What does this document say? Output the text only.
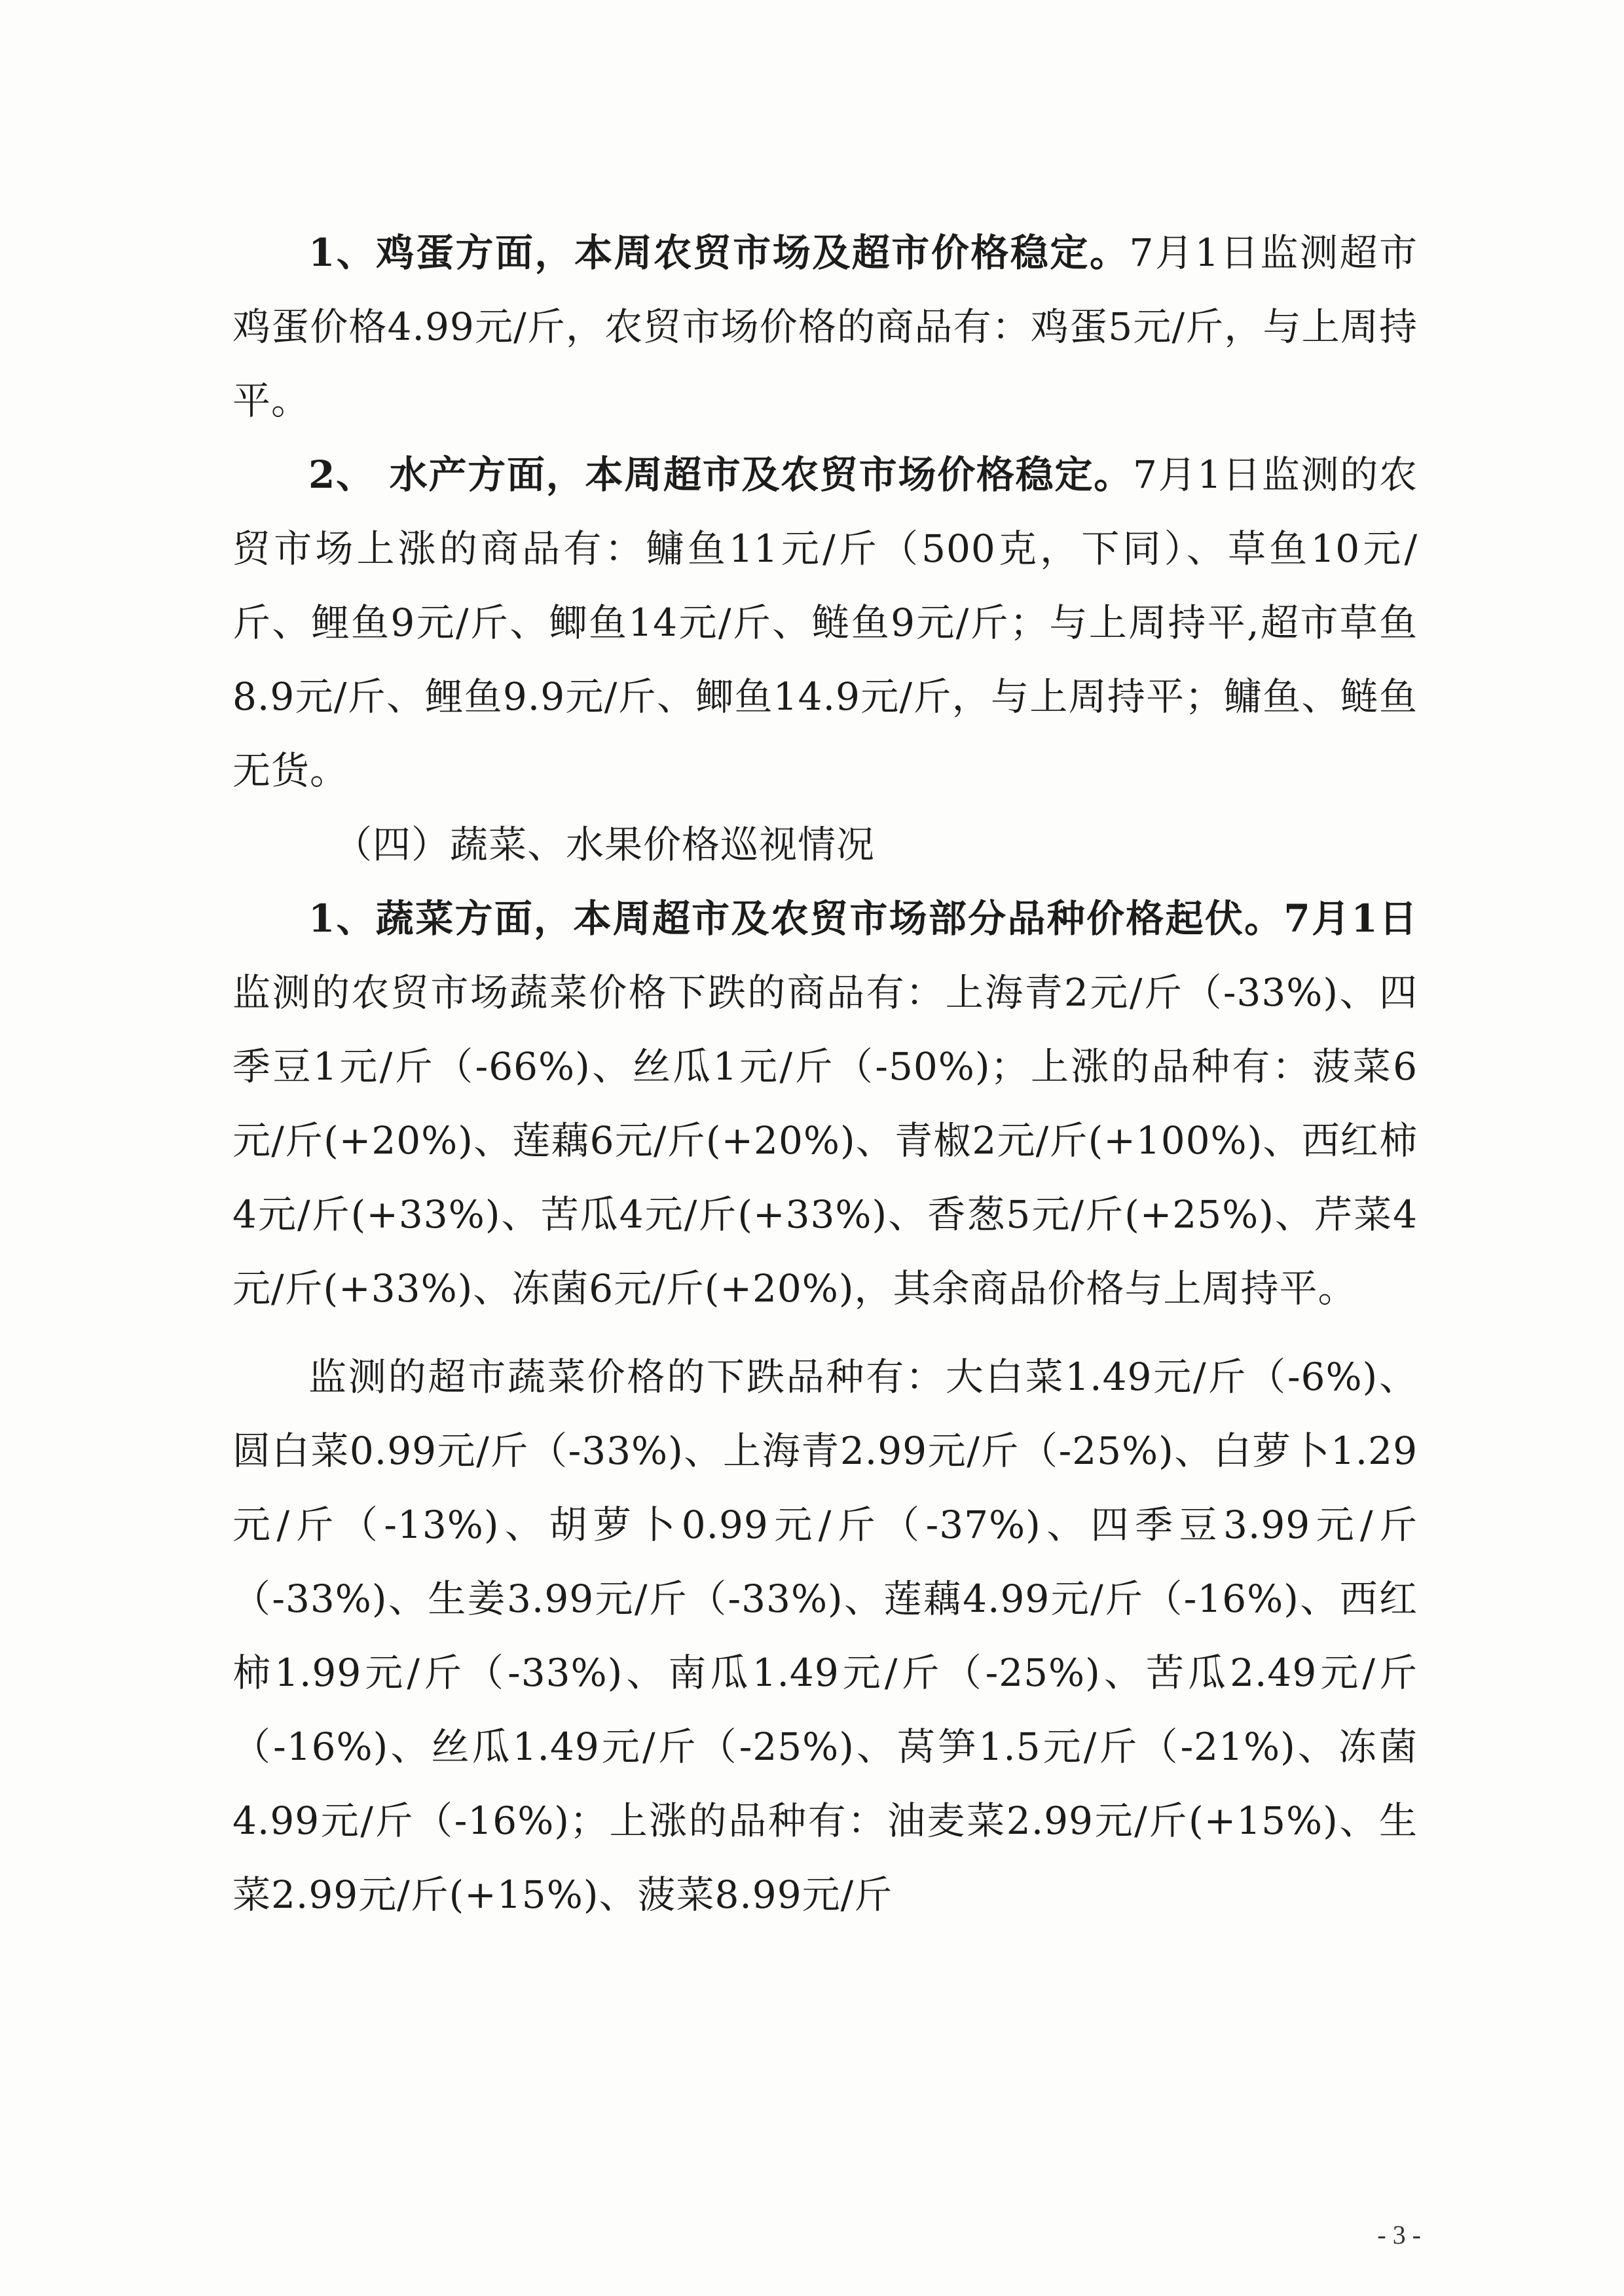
1、鸡蛋方面，本周农贸市场及超市价格稳定。7月1日监测超市鸡蛋价格4.99元/斤，农贸市场价格的商品有：鸡蛋5元/斤，与上周持平。

2、 水产方面，本周超市及农贸市场价格稳定。7月1日监测的农贸市场上涨的商品有：鳙鱼11元/斤（500克，下同）、草鱼10元/斤、鲤鱼9元/斤、鲫鱼14元/斤、鲢鱼9元/斤；与上周持平,超市草鱼8.9元/斤、鲤鱼9.9元/斤、鲫鱼14.9元/斤，与上周持平；鳙鱼、鲢鱼无货。

（四）蔬菜、水果价格巡视情况

1、蔬菜方面，本周超市及农贸市场部分品种价格起伏。7月1日监测的农贸市场蔬菜价格下跌的商品有：上海青2元/斤（-33%)、四季豆1元/斤（-66%)、丝瓜1元/斤（-50%)；上涨的品种有：菠菜6元/斤(+20%)、莲藕6元/斤(+20%)、青椒2元/斤(+100%)、西红柿4元/斤(+33%)、苦瓜4元/斤(+33%)、香葱5元/斤(+25%)、芹菜4元/斤(+33%)、冻菌6元/斤(+20%)，其余商品价格与上周持平。

监测的超市蔬菜价格的下跌品种有：大白菜1.49元/斤（-6%)、圆白菜0.99元/斤（-33%)、上海青2.99元/斤（-25%)、白萝卜1.29元/斤（-13%)、胡萝卜0.99元/斤（-37%)、四季豆3.99元/斤（-33%)、生姜3.99元/斤（-33%)、莲藕4.99元/斤（-16%)、西红柿1.99元/斤（-33%)、南瓜1.49元/斤（-25%)、苦瓜2.49元/斤（-16%)、丝瓜1.49元/斤（-25%)、莴笋1.5元/斤（-21%)、冻菌4.99元/斤（-16%)；上涨的品种有：油麦菜2.99元/斤(+15%)、生菜2.99元/斤(+15%)、菠菜8.99元/斤

- 3 -
